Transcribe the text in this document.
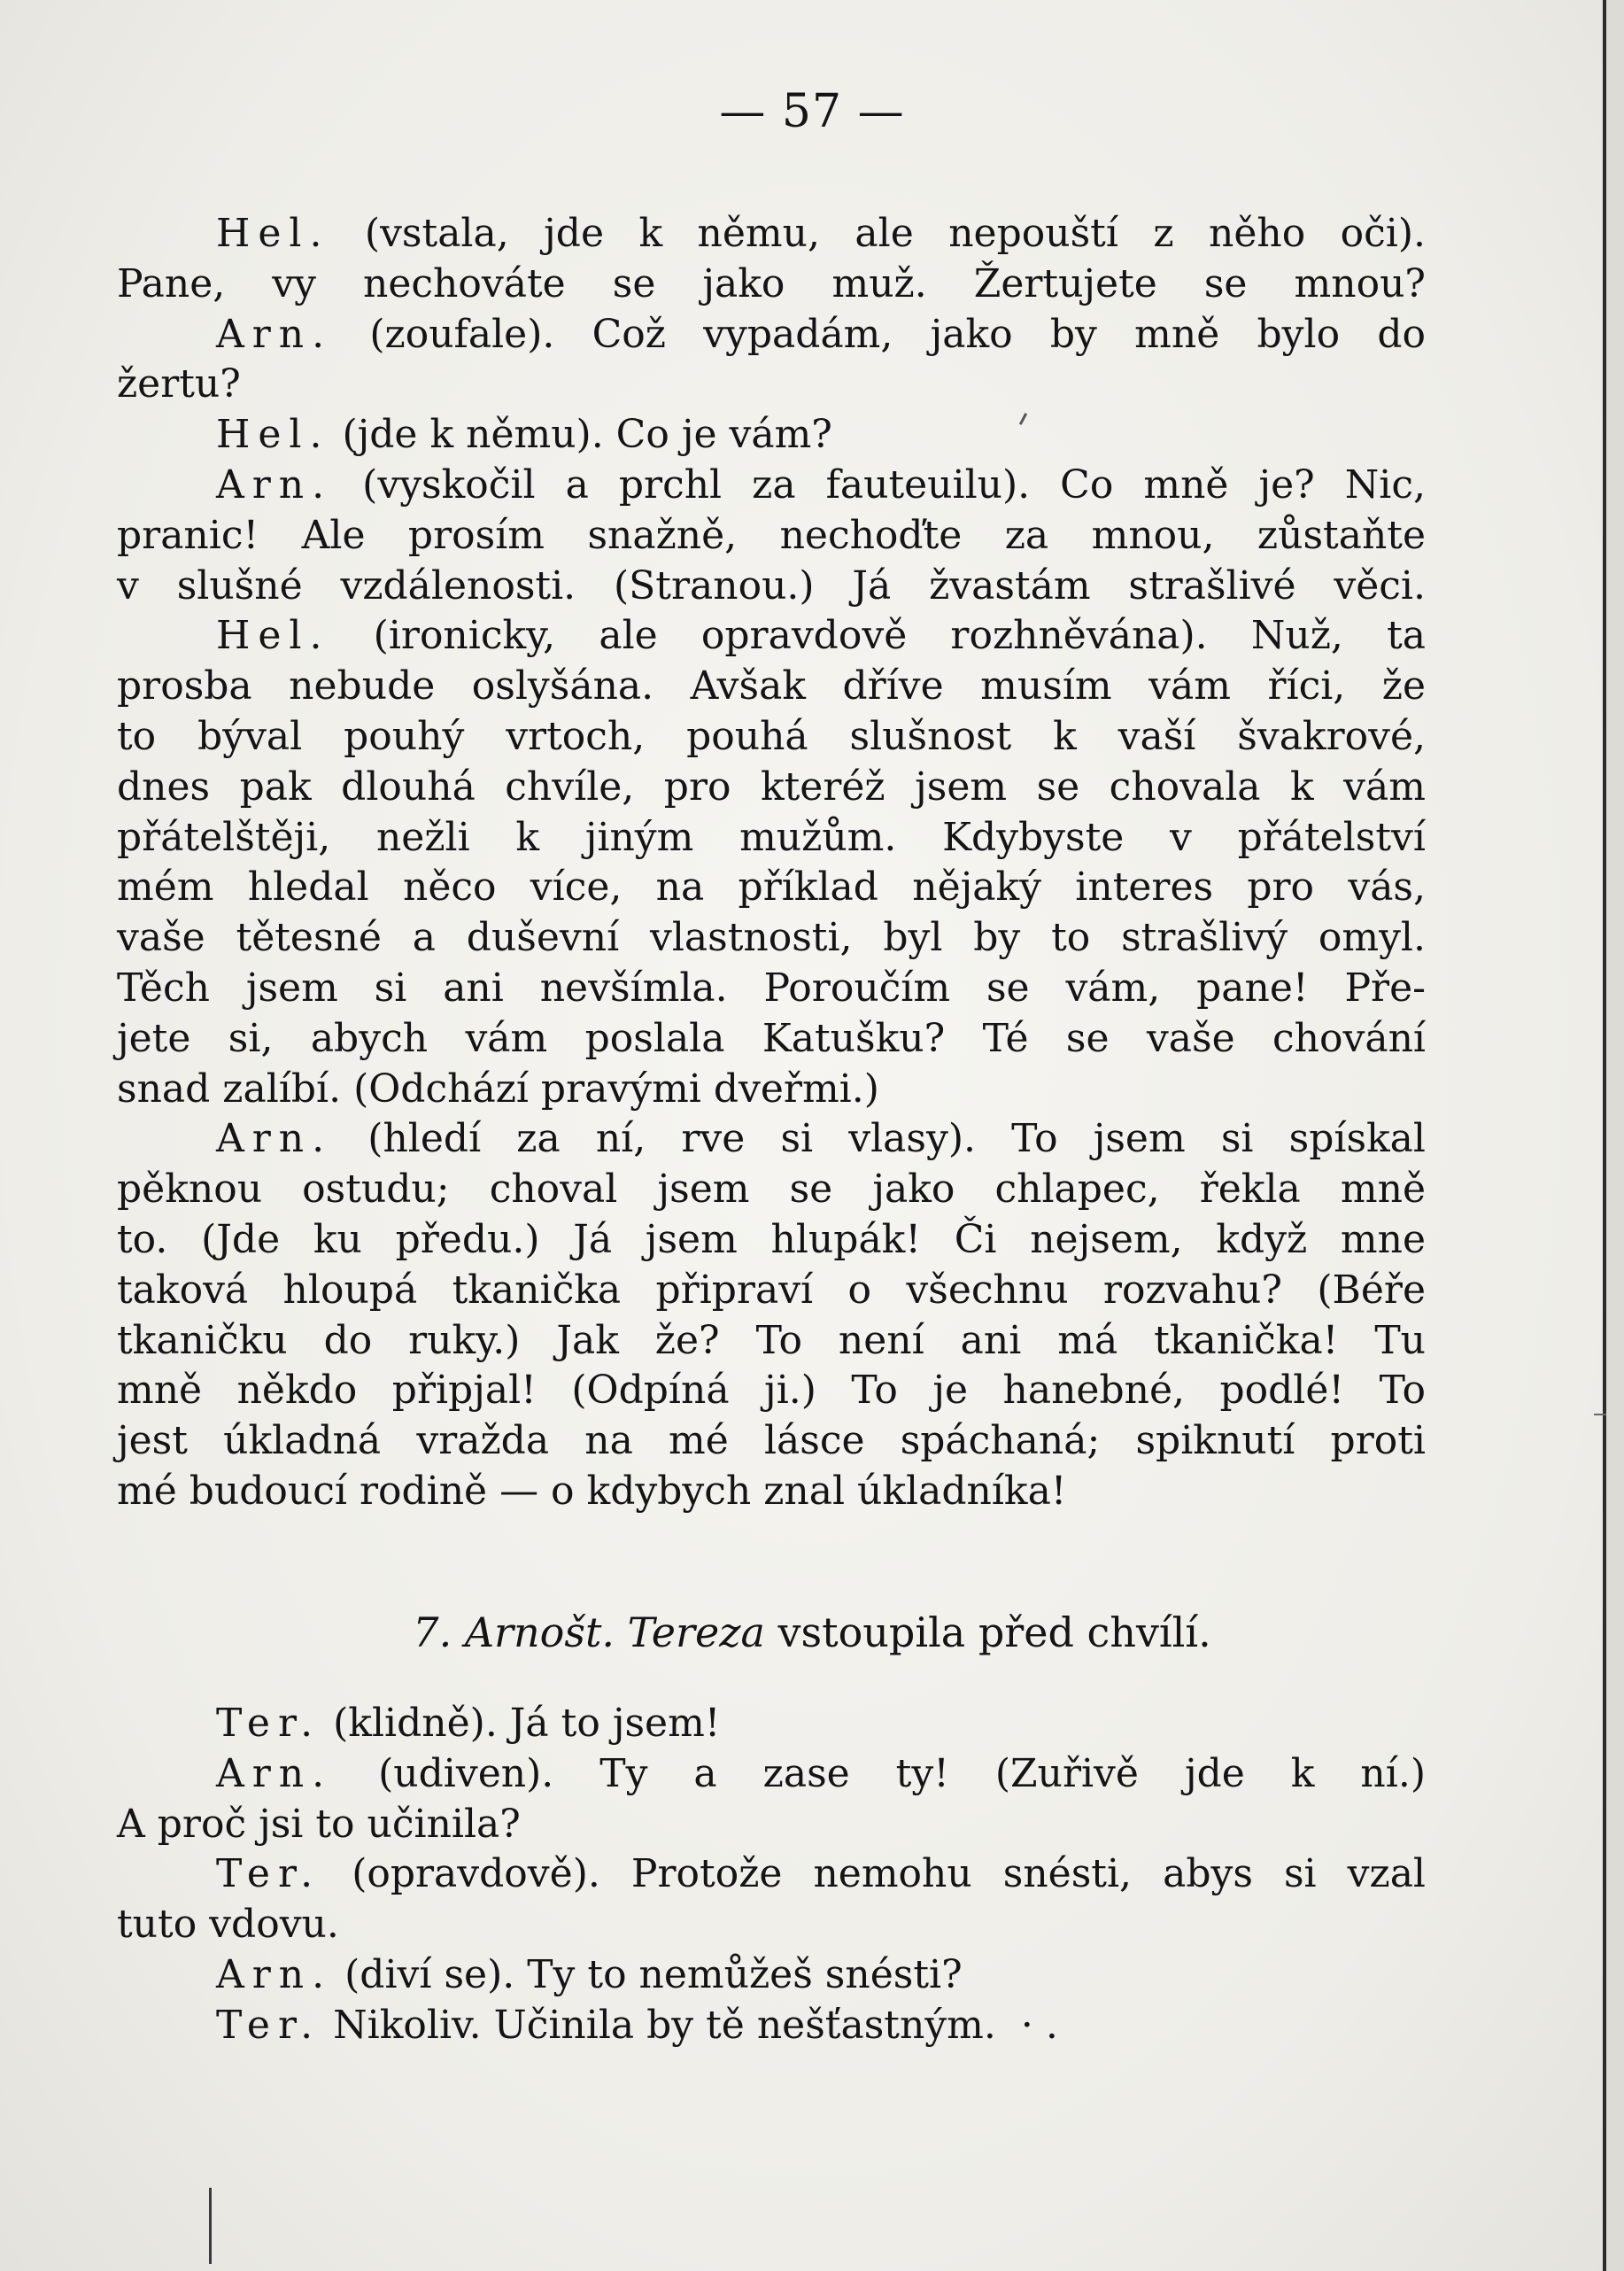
— 57 —
Hel. (vstala, jde k němu, ale nepouští z něho oči).
Pane, vy nechováte se jako muž. Žertujete se mnou?
Arn. (zoufale). Což vypadám, jako by mně bylo do
žertu?
Hel. (jde k němu). Co je vám?
Arn. (vyskočil a prchl za fauteuilu). Co mně je? Nic,
pranic! Ale prosím snažně, nechoďte za mnou, zůstaňte
v slušné vzdálenosti. (Stranou.) Já žvastám strašlivé věci.
Hel. (ironicky, ale opravdově rozhněvána). Nuž, ta
prosba nebude oslyšána. Avšak dříve musím vám říci, že
to býval pouhý vrtoch, pouhá slušnost k vaší švakrové,
dnes pak dlouhá chvíle, pro kteréž jsem se chovala k vám
přátelštěji, nežli k jiným mužům. Kdybyste v přátelství
mém hledal něco více, na příklad nějaký interes pro vás,
vaše tětesné a duševní vlastnosti, byl by to strašlivý omyl.
Těch jsem si ani nevšímla. Poroučím se vám, pane! Pře-
jete si, abych vám poslala Katušku? Té se vaše chování
snad zalíbí. (Odchází pravými dveřmi.)
Arn. (hledí za ní, rve si vlasy). To jsem si spískal
pěknou ostudu; choval jsem se jako chlapec, řekla mně
to. (Jde ku předu.) Já jsem hlupák! Či nejsem, když mne
taková hloupá tkanička připraví o všechnu rozvahu? (Béře
tkaničku do ruky.) Jak že? To není ani má tkanička! Tu
mně někdo připjal! (Odpíná ji.) To je hanebné, podlé! To
jest úkladná vražda na mé lásce spáchaná; spiknutí proti
mé budoucí rodině — o kdybych znal úkladníka!
7. Arnošt. Tereza vstoupila před chvílí.
Ter. (klidně). Já to jsem!
Arn. (udiven). Ty a zase ty! (Zuřivě jde k ní.)
A proč jsi to učinila?
Ter. (opravdově). Protože nemohu snésti, abys si vzal
tuto vdovu.
Arn. (diví se). Ty to nemůžeš snésti?
Ter. Nikoliv. Učinila by tě nešťastným.  · .
